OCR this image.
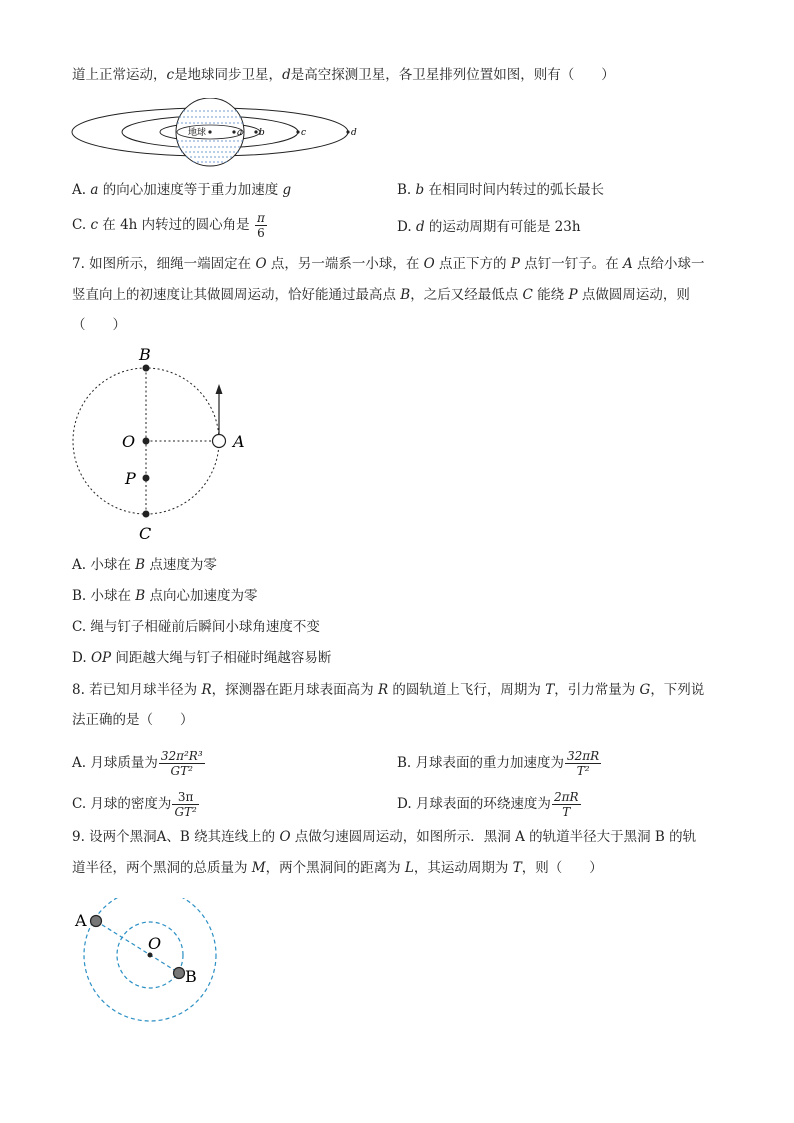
道上正常运动，c是地球同步卫星，d是高空探测卫星，各卫星排列位置如图，则有（　　）
地球	a b	c	d
A. a 的向心加速度等于重力加速度 g	B. b 在相同时间内转过的弧长最长
C. c 在 4h 内转过的圆心角是 $\frac{\pi}{6}$	D. d 的运动周期有可能是 23h
7. 如图所示，细绳一端固定在 O 点，另一端系一小球，在 O 点正下方的 P 点钉一钉子。在 A 点给小球一
竖直向上的初速度让其做圆周运动，恰好能通过最高点 B，之后又经最低点 C 能绕 P 点做圆周运动，则
（　　）
B
O	A
P
C
A. 小球在 B 点速度为零
B. 小球在 B 点向心加速度为零
C. 绳与钉子相碰前后瞬间小球角速度不变
D. OP 间距越大绳与钉子相碰时绳越容易断
8. 若已知月球半径为 R，探测器在距月球表面高为 R 的圆轨道上飞行，周期为 T，引力常量为 G，下列说
法正确的是（　　）
A. 月球质量为 $\frac{\text{32π²R³}}{\text{GT²}}$	B. 月球表面的重力加速度为 $\frac{32\pi R}{\text{T²}}$
C. 月球的密度为 $\frac{3\pi}{\text{GT²}}$	D. 月球表面的环绕速度为 $\frac{2\pi R}{T}$
9. 设两个黑洞A、B 绕其连线上的 O 点做匀速圆周运动，如图所示．黑洞 A 的轨道半径大于黑洞 B 的轨
道半径，两个黑洞的总质量为 M，两个黑洞间的距离为 L，其运动周期为 T，则（　　）
A
O
B
